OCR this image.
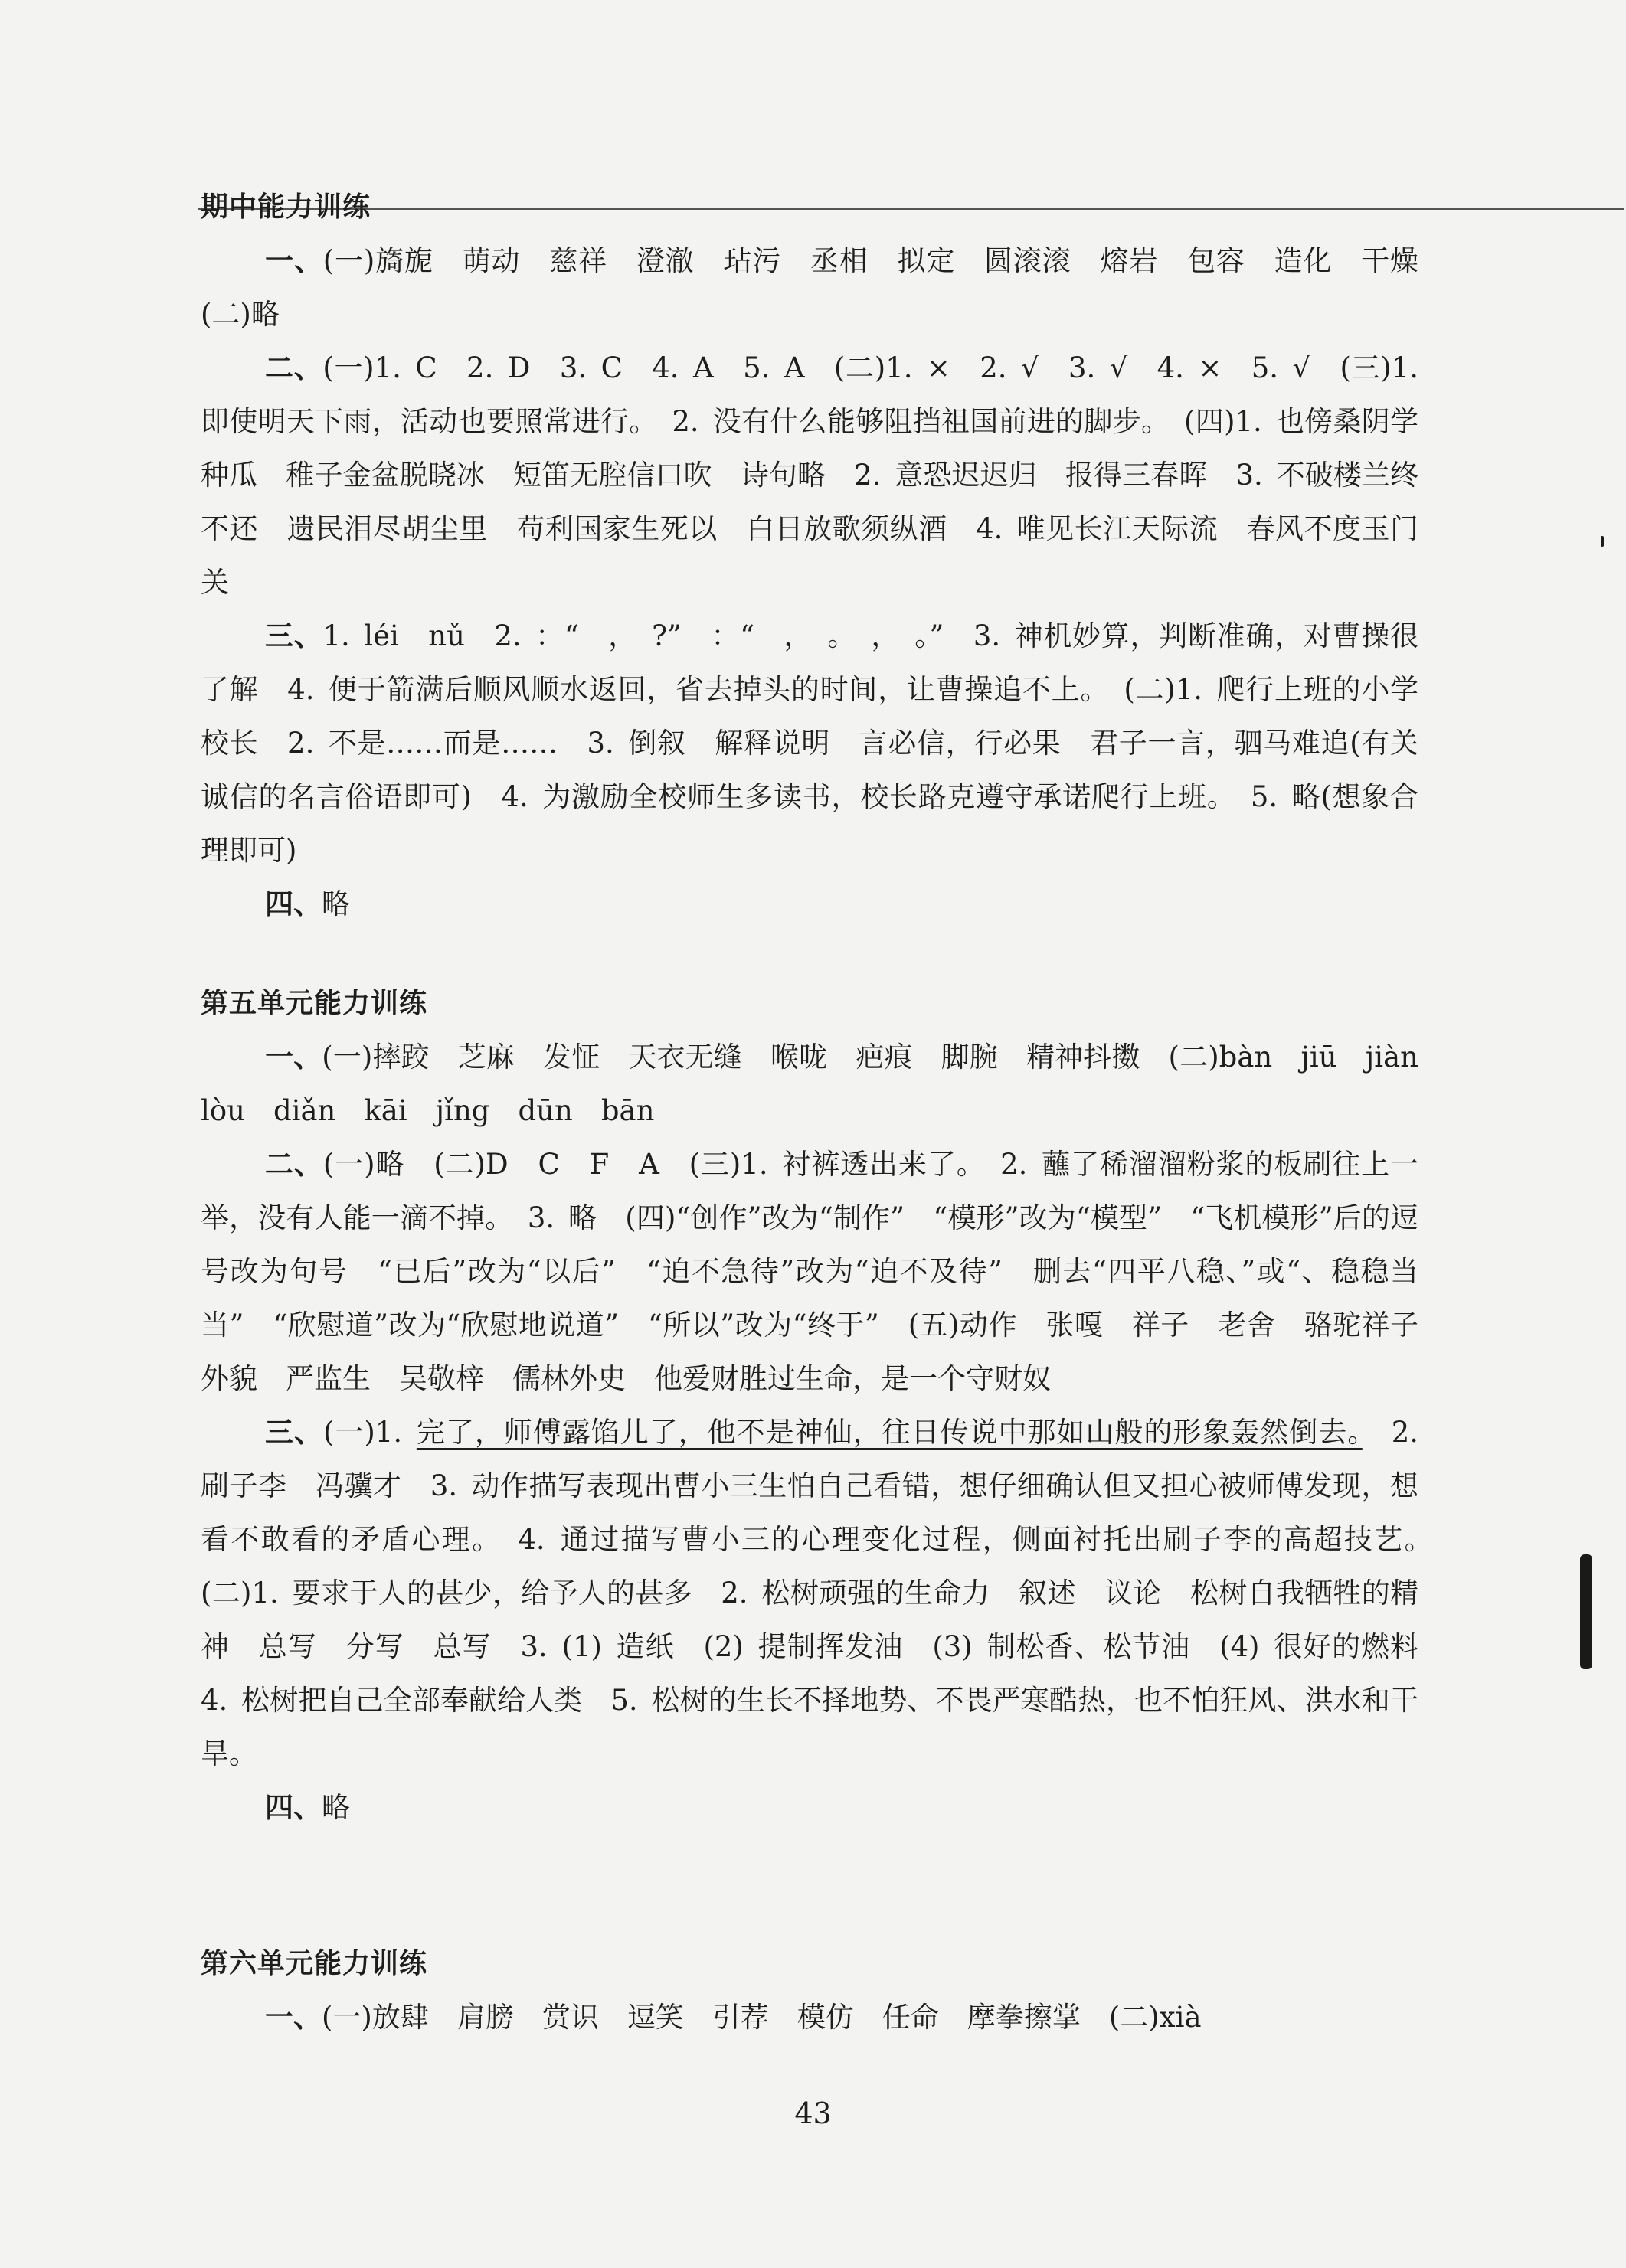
期中能力训练

一、(一)旖旎　萌动　慈祥　澄澈　玷污　丞相　拟定　圆滚滚　熔岩　包容　造化　干燥　(二)略

二、(一)1. C　2. D　3. C　4. A　5. A　(二)1. ×　2. √　3. √　4. ×　5. √　(三)1. 即使明天下雨，活动也要照常进行。　2. 没有什么能够阻挡祖国前进的脚步。　(四)1. 也傍桑阴学种瓜　稚子金盆脱晓冰　短笛无腔信口吹　诗句略　2. 意恐迟迟归　报得三春晖　3. 不破楼兰终不还　遗民泪尽胡尘里　苟利国家生死以　白日放歌须纵酒　4. 唯见长江天际流　春风不度玉门关

三、1. léi　nǔ　2. ：“　，　?”　：“　，　。　，　。”　3. 神机妙算，判断准确，对曹操很了解　4. 便于箭满后顺风顺水返回，省去掉头的时间，让曹操追不上。　(二)1. 爬行上班的小学校长　2. 不是……而是……　3. 倒叙　解释说明　言必信，行必果　君子一言，驷马难追(有关诚信的名言俗语即可)　4. 为激励全校师生多读书，校长路克遵守承诺爬行上班。　5. 略(想象合理即可)

四、略

第五单元能力训练

一、(一)摔跤　芝麻　发怔　天衣无缝　喉咙　疤痕　脚腕　精神抖擞　(二)bàn　jiū　jiàn　lòu　diǎn　kāi　jǐng　dūn　bān

二、(一)略　(二)D　C　F　A　(三)1. 衬裤透出来了。　2. 蘸了稀溜溜粉浆的板刷往上一举，没有人能一滴不掉。　3. 略　(四)“创作”改为“制作”　“模形”改为“模型”　“飞机模形”后的逗号改为句号　“已后”改为“以后”　“迫不急待”改为“迫不及待”　删去“四平八稳、”或“、稳稳当当”　“欣慰道”改为“欣慰地说道”　“所以”改为“终于”　(五)动作　张嘎　祥子　老舍　骆驼祥子　外貌　严监生　吴敬梓　儒林外史　他爱财胜过生命，是一个守财奴

三、(一)1. 完了，师傅露馅儿了，他不是神仙，往日传说中那如山般的形象轰然倒去。　2. 刷子李　冯骥才　3. 动作描写表现出曹小三生怕自己看错，想仔细确认但又担心被师傅发现，想看不敢看的矛盾心理。　4. 通过描写曹小三的心理变化过程，侧面衬托出刷子李的高超技艺。　(二)1. 要求于人的甚少，给予人的甚多　2. 松树顽强的生命力　叙述　议论　松树自我牺牲的精神　总写　分写　总写　3. (1) 造纸　(2) 提制挥发油　(3) 制松香、松节油　(4) 很好的燃料　4. 松树把自己全部奉献给人类　5. 松树的生长不择地势、不畏严寒酷热，也不怕狂风、洪水和干旱。

四、略

第六单元能力训练

一、(一)放肆　肩膀　赏识　逗笑　引荐　模仿　任命　摩拳擦掌　(二)xià

43
